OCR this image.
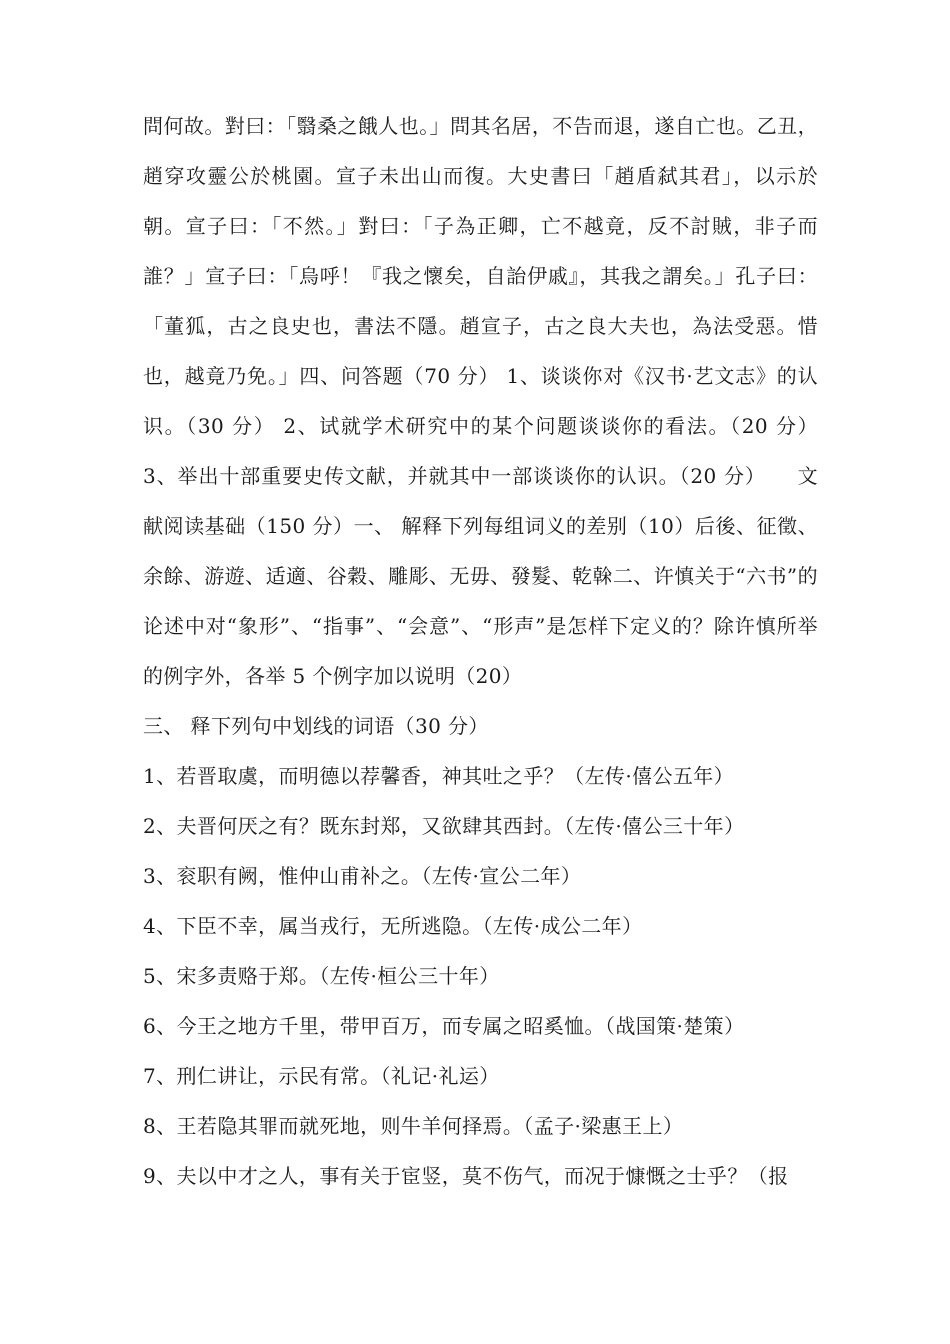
問何故。對曰：「翳桑之餓人也。」問其名居，不告而退，遂自亡也。乙丑，趙穿攻靈公於桃園。宣子未出山而復。大史書曰「趙盾弑其君」，以示於朝。宣子曰：「不然。」對曰：「子為正卿，亡不越竟，反不討賊，非子而誰？」宣子曰：「烏呼！『我之懷矣，自詒伊戚』，其我之謂矣。」孔子曰：「董狐，古之良史也，書法不隱。趙宣子，古之良大夫也，為法受惡。惜也，越竟乃免。」四、问答题（70 分） 1、谈谈你对《汉书·艺文志》的认识。（30 分） 2、试就学术研究中的某个问题谈谈你的看法。（20 分） 3、举出十部重要史传文献，并就其中一部谈谈你的认识。（20 分）　　文献阅读基础（150 分）一、 解释下列每组词义的差别（10）后後、征徵、余餘、游遊、适適、谷穀、雕彫、无毋、發髮、乾榦二、许慎关于“六书”的论述中对“象形”、“指事”、“会意”、“形声”是怎样下定义的？除许慎所举的例字外，各举 5 个例字加以说明（20）

三、 释下列句中划线的词语（30 分）

1、若晋取虞，而明德以荐馨香，神其吐之乎？（左传·僖公五年）

2、夫晋何厌之有？既东封郑，又欲肆其西封。（左传·僖公三十年）

3、衮职有阙，惟仲山甫补之。（左传·宣公二年）

4、下臣不幸，属当戎行，无所逃隐。（左传·成公二年）

5、宋多责赂于郑。（左传·桓公三十年）

6、今王之地方千里，带甲百万，而专属之昭奚恤。（战国策·楚策）

7、刑仁讲让，示民有常。（礼记·礼运）

8、王若隐其罪而就死地，则牛羊何择焉。（孟子·梁惠王上）

9、夫以中才之人，事有关于宦竖，莫不伤气，而况于慷慨之士乎？（报
